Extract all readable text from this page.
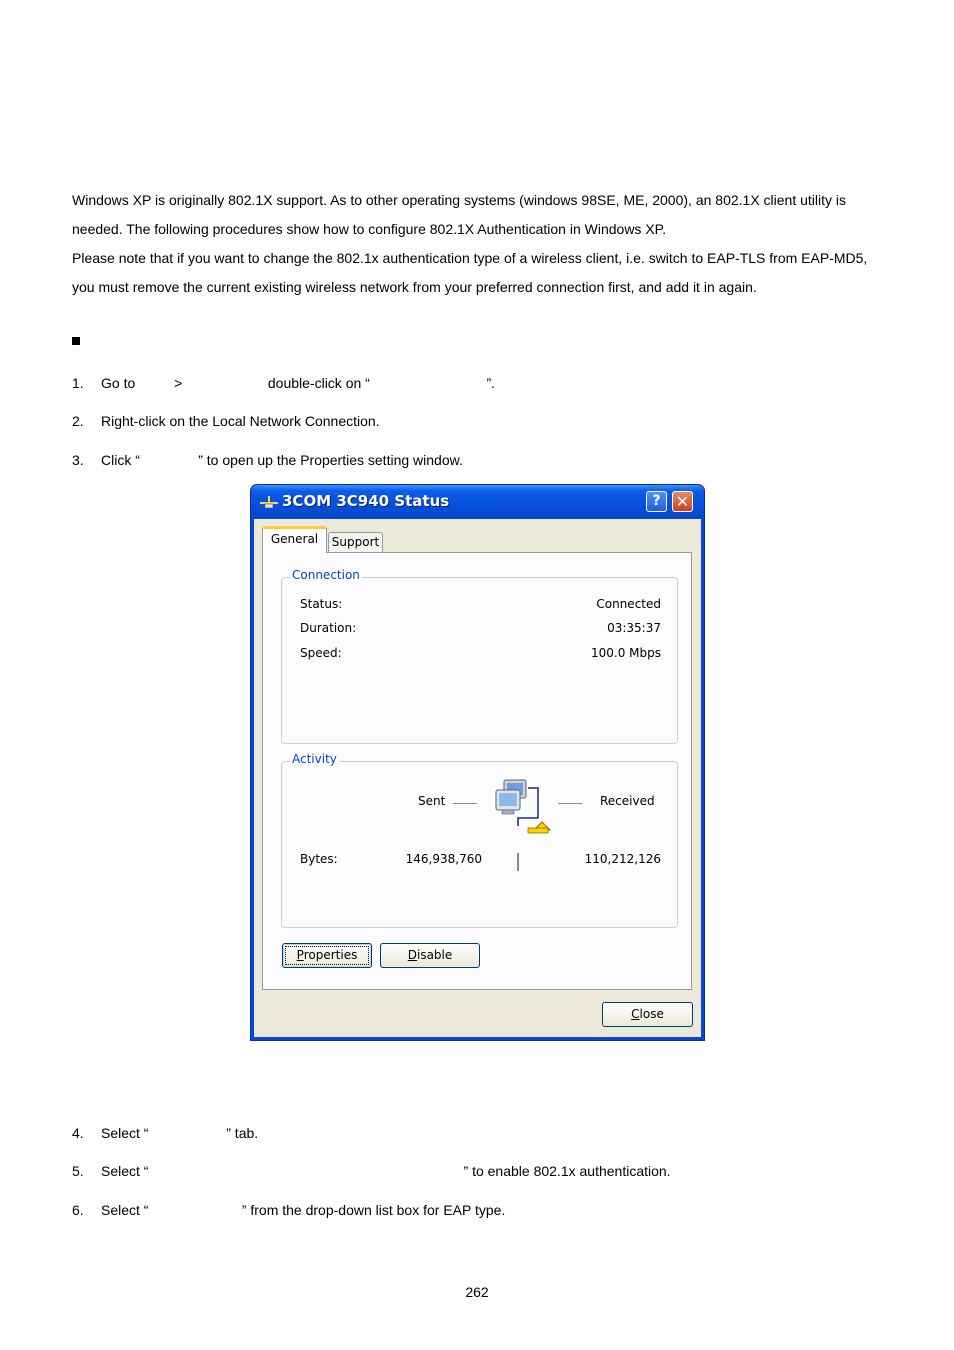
Windows XP is originally 802.1X support. As to other operating systems (windows 98SE, ME, 2000), an 802.1X client utility is
needed. The following procedures show how to configure 802.1X Authentication in Windows XP.
Please note that if you want to change the 802.1x authentication type of a wireless client, i.e. switch to EAP-TLS from EAP-MD5,
you must remove the current existing wireless network from your preferred connection first, and add it in again.
1. Go to          >                      double-click on “                              ”.
2. Right-click on the Local Network Connection.
3. Click “               ” to open up the Properties setting window.
3COM 3C940 Status	? ✕
General	Support
Connection
Status:	Connected
Duration:	03:35:37
Speed:	100.0 Mbps
Activity
Sent	Received
Bytes:	146,938,760	110,212,126
Properties	Disable
Close
4. Select “                    ” tab.
5. Select “                                                                                 ” to enable 802.1x authentication.
6. Select “                        ” from the drop-down list box for EAP type.
262
